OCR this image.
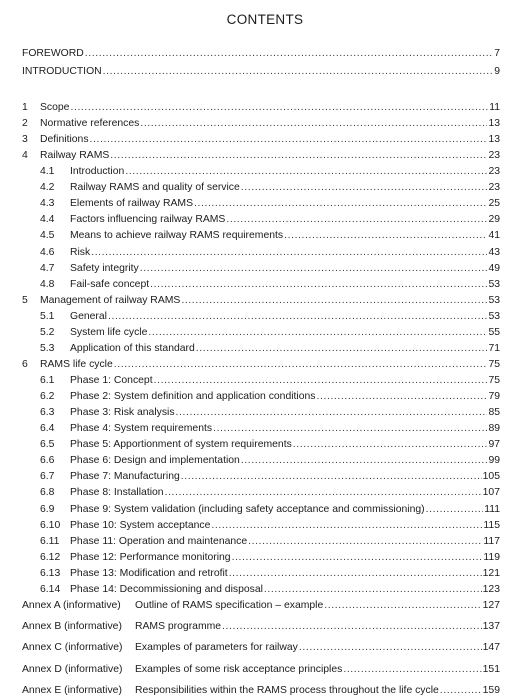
CONTENTS
FOREWORD .....	7
INTRODUCTION .....	9
1	Scope .....	11
2	Normative references .....	13
3	Definitions .....	13
4	Railway RAMS .....	23
4.1	Introduction .....	23
4.2	Railway RAMS and quality of service .....	23
4.3	Elements of railway RAMS .....	25
4.4	Factors influencing railway RAMS .....	29
4.5	Means to achieve railway RAMS requirements .....	41
4.6	Risk .....	43
4.7	Safety integrity .....	49
4.8	Fail-safe concept .....	53
5	Management of railway RAMS .....	53
5.1	General .....	53
5.2	System life cycle .....	55
5.3	Application of this standard .....	71
6	RAMS life cycle .....	75
6.1	Phase 1: Concept .....	75
6.2	Phase 2: System definition and application conditions .....	79
6.3	Phase 3: Risk analysis .....	85
6.4	Phase 4: System requirements .....	89
6.5	Phase 5: Apportionment of system requirements .....	97
6.6	Phase 6: Design and implementation .....	99
6.7	Phase 7: Manufacturing .....	105
6.8	Phase 8: Installation .....	107
6.9	Phase 9: System validation (including safety acceptance and commissioning) .....	111
6.10 Phase 10: System acceptance .....	115
6.11	Phase 11: Operation and maintenance .....	117
6.12 Phase 12: Performance monitoring .....	119
6.13 Phase 13: Modification and retrofit .....	121
6.14 Phase 14: Decommissioning and disposal .....	123
Annex A (informative)	Outline of RAMS specification – example .....	127
Annex B (informative)	RAMS programme .....	137
Annex C (informative)	Examples of parameters for railway .....	147
Annex D (informative)	Examples of some risk acceptance principles .....	151
Annex E (informative)	Responsibilities within the RAMS process throughout the life cycle .....	159
